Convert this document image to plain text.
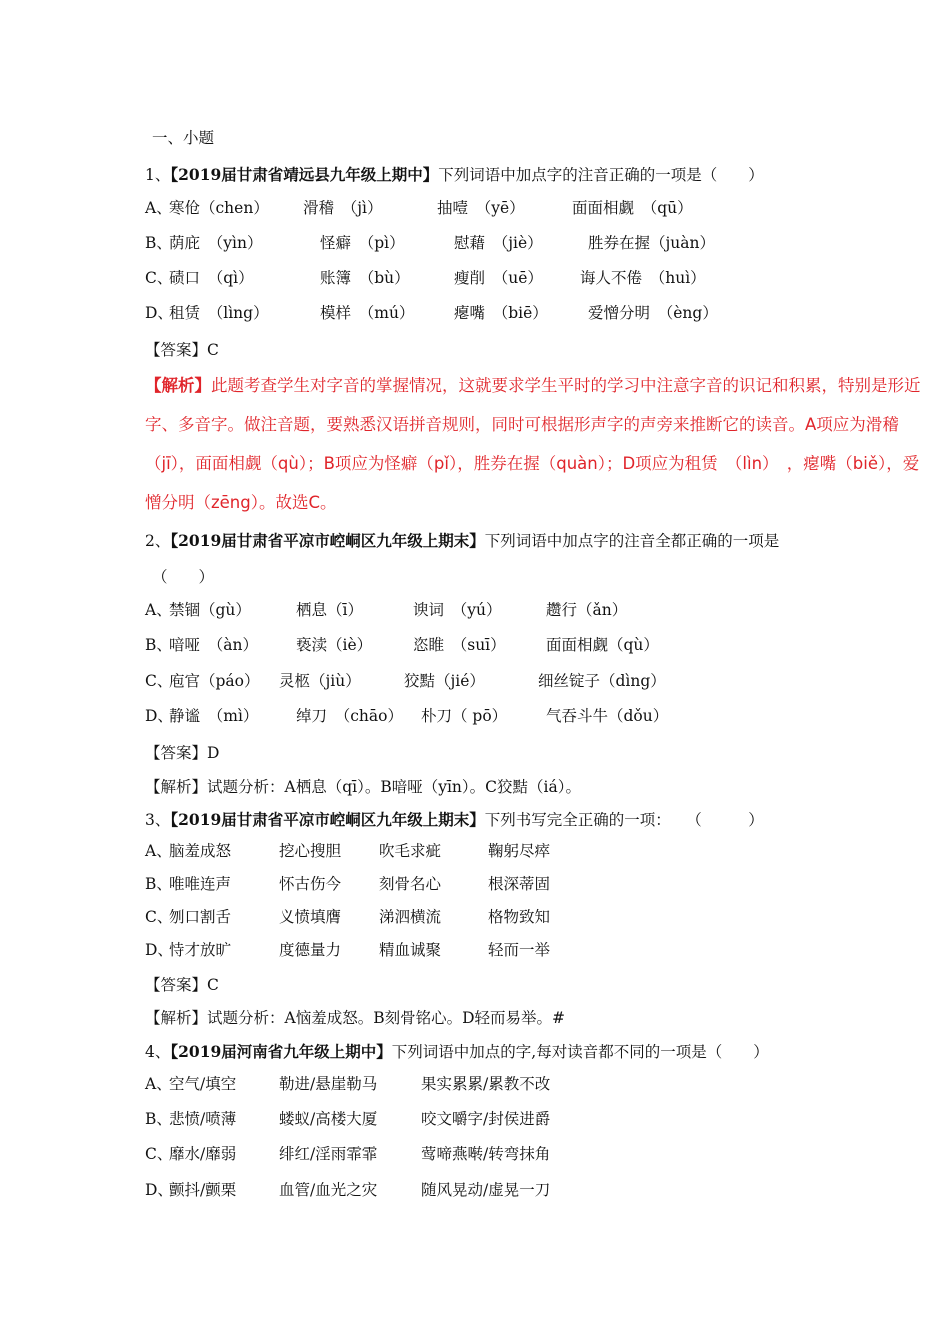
一、小题
1、【2019届甘肃省靖远县九年级上期中】下列词语中加点字的注音正确的一项是（　　）
A、
寒伧（chen） 滑稽　（jì）	抽噎　（yē）	面面相觑　（qū）
B、
荫庇　（yìn）	怪癖　（pì）	慰藉　（jiè）	胜券在握（juàn）
C、
碛口　（qì）	账簿　（bù）	瘦削　（uē） 诲人不倦　（huì）
D、
租赁　（lìng）	模样　（mú）	瘪嘴　（biē）	爱憎分明　（èng）
【答案】C
【解析】此题考查学生对字音的掌握情况，这就要求学生平时的学习中注意字音的识记和积累，特别是形近字、多音字。做注音题，要熟悉汉语拼音规则，同时可根据形声字的声旁来推断它的读音。A项应为滑稽（jī），面面相觑（qù）；B项应为怪癖（pǐ），胜券在握（quàn）；D项应为租赁　（lìn）　，瘪嘴（biě），爱憎分明（zēng）。故选C。
2、【2019届甘肃省平凉市崆峒区九年级上期末】下列词语中加点字的注音全都正确的一项是
（　　）
A、
禁锢（gù）	栖息（ī）	谀词　（yú）	趱行（ǎn）
B、
喑哑　（àn） 亵渎（iè）	恣睢　（suī）	面面相觑（qù）
C、
庖官（páo） 灵柩（jiù）	狡黠（jié）	细丝锭子（dìng）
D、
静谧　（mì） 绰刀　（chāo） 朴刀（ pō）	气吞斗牛（dǒu）
【答案】D
【解析】试题分析：A栖息（qī）。B喑哑（yīn）。C狡黠（iá）。
3、【2019届甘肃省平凉市崆峒区九年级上期末】下列书写完全正确的一项：　　（　　　）
A、
脑羞成怒	挖心搜胆 吹毛求疵	鞠躬尽瘁
B、
唯唯连声	怀古伤今 刻骨名心	根深蒂固
C、
刎口割舌	义愤填膺 涕泗横流	格物致知
D、
恃才放旷	度德量力 精血诚聚	轻而一举
【答案】C
【解析】试题分析：A恼羞成怒。B刻骨铭心。D轻而易举。#
4、【2019届河南省九年级上期中】下列词语中加点的字,每对读音都不同的一项是（　　）
A、
空气/填空	勒进/悬崖勒马	果实累累/累教不改
B、
悲愤/喷薄	蝼蚁/高楼大厦	咬文嚼字/封侯进爵
C、
靡水/靡弱	绯红/淫雨霏霏	莺啼燕啭/转弯抹角
D、
颤抖/颤栗	血管/血光之灾	随风晃动/虚晃一刀
